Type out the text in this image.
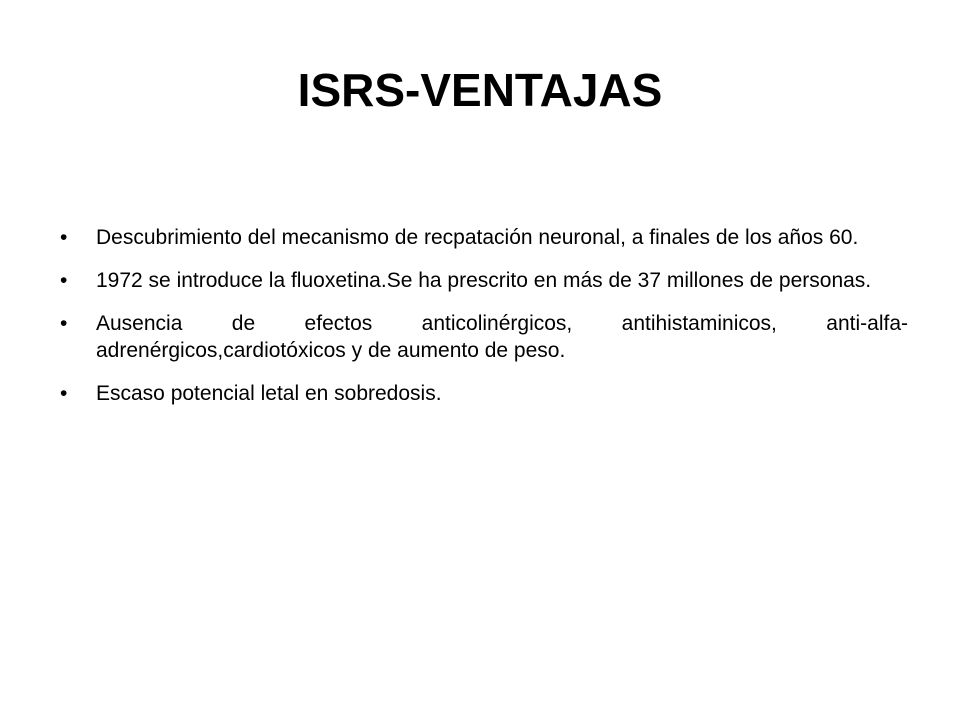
ISRS-VENTAJAS
•	Descubrimiento del mecanismo de recpatación neuronal, a finales de los años 60.
•	1972 se introduce la fluoxetina.Se ha prescrito en más de 37 millones de personas.
•	Ausencia de efectos anticolinérgicos, antihistaminicos, anti-alfa-adrenérgicos,cardiotóxicos y de aumento de peso.
•	Escaso potencial letal en sobredosis.
